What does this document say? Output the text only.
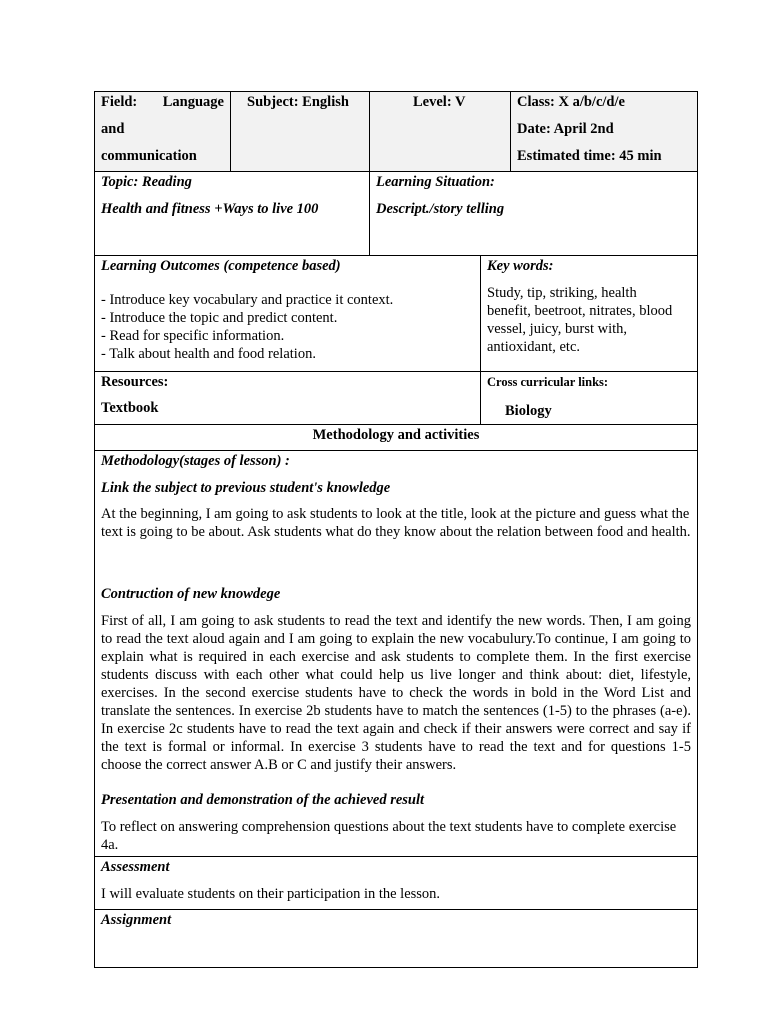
Field: Language
and
communication
Subject: English	Level: V	Class: X a/b/c/d/e
Date: April 2nd
Estimated time: 45 min
Topic: Reading
Health and fitness +Ways to live 100
Learning Situation:
Descript./story telling
Learning Outcomes (competence based)
- Introduce key vocabulary and practice it context.
- Introduce the topic and predict content.
- Read for specific information.
- Talk about health and food relation.
Key words:
Study, tip, striking, health
benefit, beetroot, nitrates, blood
vessel, juicy, burst with,
antioxidant, etc.
Resources:
Textbook
Cross curricular links:
Biology
Methodology and activities
Methodology(stages of lesson) :
Link the subject to previous student's knowledge
At the beginning, I am going to ask students to look at the title, look at the picture and guess what the text is going to be about. Ask students what do they know about the relation between food and health.
Contruction of new knowdege
First of all, I am going to ask students to read the text and identify the new words. Then, I am going to read the text aloud again and I am going to explain the new vocabulury.To continue, I am going to explain what is required in each exercise and ask students to complete them. In the first exercise students discuss with each other what could help us live longer and think about: diet, lifestyle, exercises. In the second exercise students have to check the words in bold in the Word List and translate the sentences. In exercise 2b students have to match the sentences (1-5) to the phrases (a-e). In exercise 2c students have to read the text again and check if their answers were correct and say if the text is formal or informal. In exercise 3 students have to read the text and for questions 1-5 choose the correct answer A.B or C and justify their answers.
Presentation and demonstration of the achieved result
To reflect on answering comprehension questions about the text students have to complete exercise 4a.
Assessment
I will evaluate students on their participation in the lesson.
Assignment
